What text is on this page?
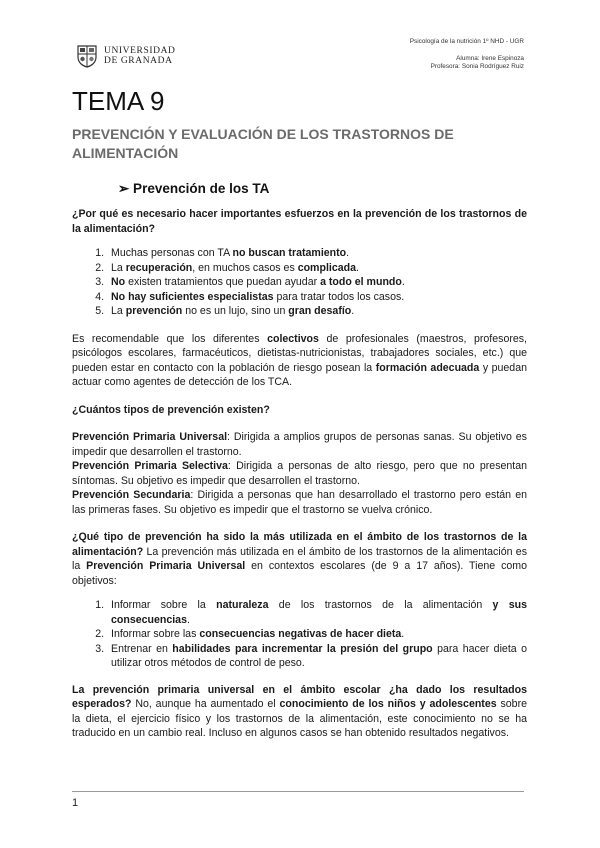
UNIVERSIDAD
DE GRANADA
Psicología de la nutrición 1º NHD - UGR
Alumna: Irene Espinoza
Profesora: Sonia Rodríguez Ruiz
TEMA 9
PREVENCIÓN Y EVALUACIÓN DE LOS TRASTORNOS DE ALIMENTACIÓN
➢ Prevención de los TA

¿Por qué es necesario hacer importantes esfuerzos en la prevención de los trastornos de la alimentación?

1. Muchas personas con TA no buscan tratamiento.
2. La recuperación, en muchos casos es complicada.
3. No existen tratamientos que puedan ayudar a todo el mundo.
4. No hay suficientes especialistas para tratar todos los casos.
5. La prevención no es un lujo, sino un gran desafío.

Es recomendable que los diferentes colectivos de profesionales (maestros, profesores, psicólogos escolares, farmacéuticos, dietistas-nutricionistas, trabajadores sociales, etc.) que pueden estar en contacto con la población de riesgo posean la formación adecuada y puedan actuar como agentes de detección de los TCA.

¿Cuántos tipos de prevención existen?

Prevención Primaria Universal: Dirigida a amplios grupos de personas sanas. Su objetivo es impedir que desarrollen el trastorno.

Prevención Primaria Selectiva: Dirigida a personas de alto riesgo, pero que no presentan síntomas. Su objetivo es impedir que desarrollen el trastorno.

Prevención Secundaria: Dirigida a personas que han desarrollado el trastorno pero están en las primeras fases. Su objetivo es impedir que el trastorno se vuelva crónico.

¿Qué tipo de prevención ha sido la más utilizada en el ámbito de los trastornos de la alimentación? La prevención más utilizada en el ámbito de los trastornos de la alimentación es la Prevención Primaria Universal en contextos escolares (de 9 a 17 años). Tiene como objetivos:

1. Informar sobre la naturaleza de los trastornos de la alimentación y sus consecuencias.
2. Informar sobre las consecuencias negativas de hacer dieta.
3. Entrenar en habilidades para incrementar la presión del grupo para hacer dieta o utilizar otros métodos de control de peso.

La prevención primaria universal en el ámbito escolar ¿ha dado los resultados esperados? No, aunque ha aumentado el conocimiento de los niños y adolescentes sobre la dieta, el ejercicio físico y los trastornos de la alimentación, este conocimiento no se ha traducido en un cambio real. Incluso en algunos casos se han obtenido resultados negativos.

1
